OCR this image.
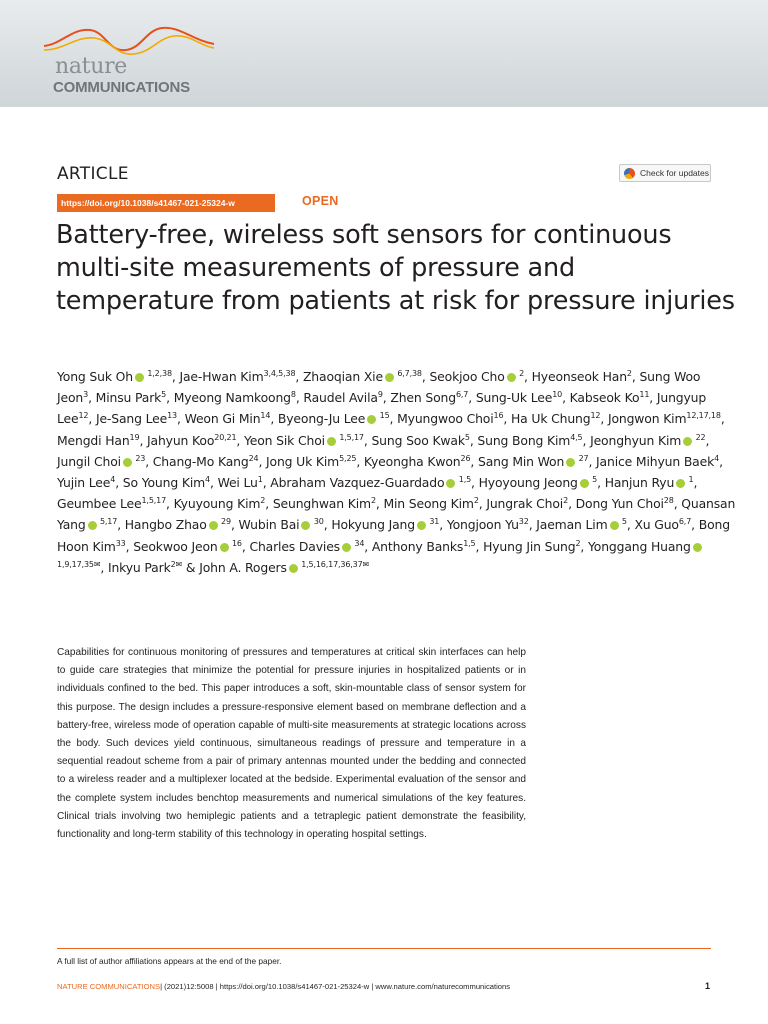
nature
COMMUNICATIONS
ARTICLE	Check for updates
https://doi.org/10.1038/s41467-021-25324-w	OPEN
Battery-free, wireless soft sensors for continuous multi-site measurements of pressure and temperature from patients at risk for pressure injuries
Yong Suk Oh $^{1,2,38}$, Jae-Hwan Kim$^{3,4,5,38}$, Zhaoqian Xie $^{6,7,38}$, Seokjoo Cho $^2$, Hyeonseok Han$^2$, Sung Woo Jeon$^3$, Minsu Park$^5$, Myeong Namkoong$^8$, Raudel Avila$^9$, Zhen Song$^{6,7}$, Sung-Uk Lee$^{10}$, Kabseok Ko$^{11}$, Jungyup Lee$^{12}$, Je-Sang Lee$^{13}$, Weon Gi Min$^{14}$, Byeong-Ju Lee $^{15}$, Myungwoo Choi$^{16}$, Ha Uk Chung$^{12}$, Jongwon Kim$^{12,17,18}$, Mengdi Han$^{19}$, Jahyun Koo$^{20,21}$, Yeon Sik Choi $^{1,5,17}$, Sung Soo Kwak$^5$, Sung Bong Kim$^{4,5}$, Jeonghyun Kim $^{22}$, Jungil Choi $^{23}$, Chang-Mo Kang$^{24}$, Jong Uk Kim$^{5,25}$, Kyeongha Kwon$^{26}$, Sang Min Won $^{27}$, Janice Mihyun Baek$^4$, Yujin Lee$^4$, So Young Kim$^4$, Wei Lu$^1$, Abraham Vazquez-Guardado $^{1,5}$, Hyoyoung Jeong $^5$, Hanjun Ryu $^1$, Geumbee Lee$^{1,5,17}$, Kyuyoung Kim$^2$, Seunghwan Kim$^2$, Min Seong Kim$^2$, Jungrak Choi$^2$, Dong Yun Choi$^{28}$, Quansan Yang $^{5,17}$, Hangbo Zhao $^{29}$, Wubin Bai $^{30}$, Hokyung Jang $^{31}$, Yongjoon Yu$^{32}$, Jaeman Lim $^5$, Xu Guo$^{6,7}$, Bong Hoon Kim$^{33}$, Seokwoo Jeon $^{16}$, Charles Davies $^{34}$, Anthony Banks$^{1,5}$, Hyung Jin Sung$^2$, Yonggang Huang $^{1,9,17,35✉}$, Inkyu Park$^{2✉}$ & John A. Rogers $^{1,5,16,17,36,37✉}$

Capabilities for continuous monitoring of pressures and temperatures at critical skin interfaces can help to guide care strategies that minimize the potential for pressure injuries in hospitalized patients or in individuals confined to the bed. This paper introduces a soft, skin-mountable class of sensor system for this purpose. The design includes a pressure-responsive element based on membrane deflection and a battery-free, wireless mode of operation capable of multi-site measurements at strategic locations across the body. Such devices yield continuous, simultaneous readings of pressure and temperature in a sequential readout scheme from a pair of primary antennas mounted under the bedding and connected to a wireless reader and a multiplexer located at the bedside. Experimental evaluation of the sensor and the complete system includes benchtop measurements and numerical simulations of the key features. Clinical trials involving two hemiplegic patients and a tetraplegic patient demonstrate the feasibility, functionality and long-term stability of this technology in operating hospital settings.

A full list of author affiliations appears at the end of the paper.
NATURE COMMUNICATIONS| (2021)12:5008 | https://doi.org/10.1038/s41467-021-25324-w | www.nature.com/naturecommunications	1
